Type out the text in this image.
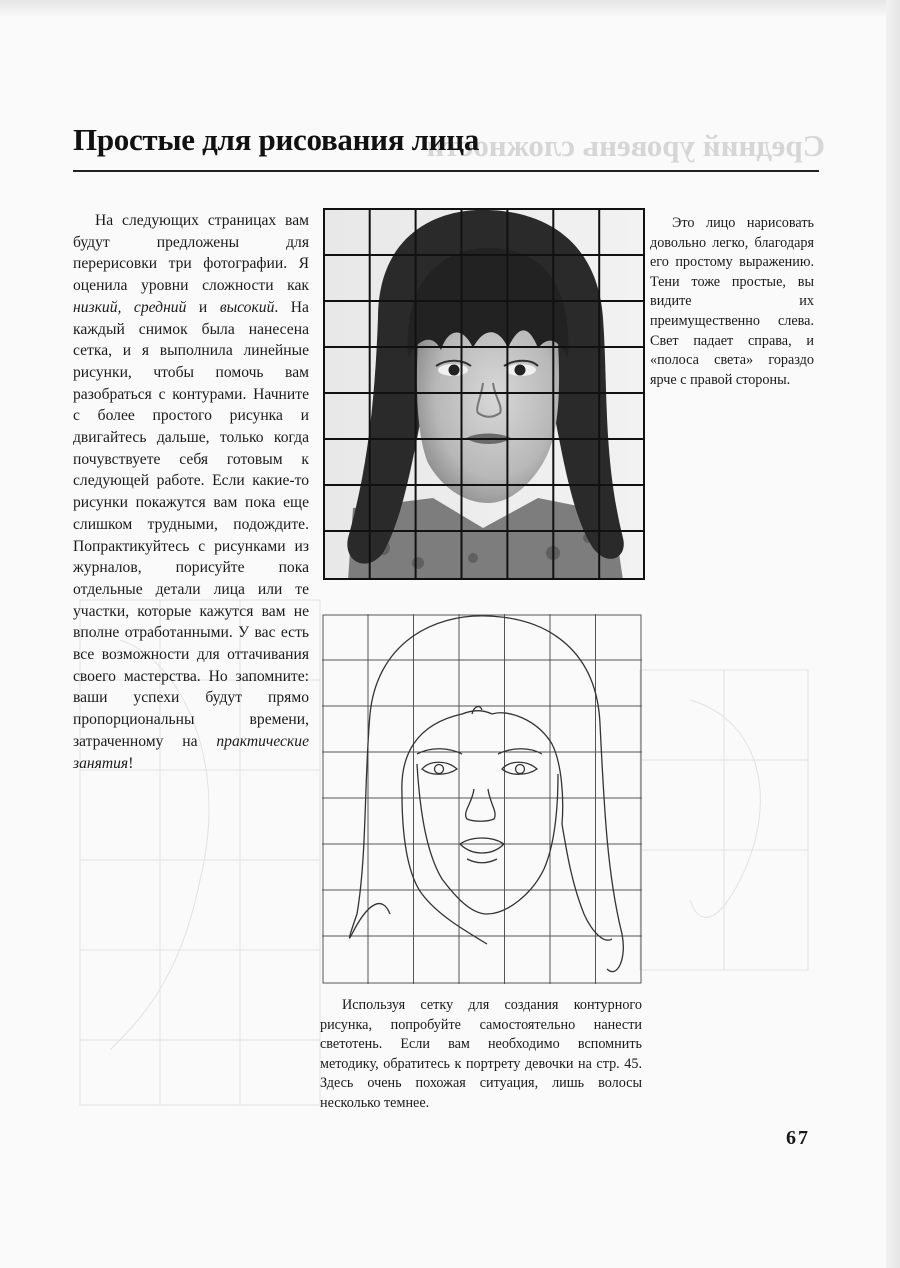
Средний уровень сложности
Простые для рисования лица

На следующих страницах вам будут предложены для перерисовки три фотографии. Я оценила уровни сложности как низкий, средний и высокий. На каждый снимок была нанесена сетка, и я выполнила линейные рисунки, чтобы помочь вам разобраться с контурами. Начните с более простого рисунка и двигайтесь дальше, только когда почувствуете себя готовым к следующей работе. Если какие-то рисунки покажутся вам пока еще слишком трудными, подождите. Попрактикуйтесь с рисунками из журналов, порисуйте пока отдельные детали лица или те участки, которые кажутся вам не вполне отработанными. У вас есть все возможности для оттачивания своего мастерства. Но запомните: ваши успехи будут прямо пропорциональны времени, затраченному на практические занятия!

Это лицо нарисовать довольно легко, благодаря его простому выражению. Тени тоже простые, вы видите их преимущественно слева. Свет падает справа, и «полоса света» гораздо ярче с правой стороны.

Используя сетку для создания контурного рисунка, попробуйте самостоятельно нанести светотень. Если вам необходимо вспомнить методику, обратитесь к портрету девочки на стр. 45. Здесь очень похожая ситуация, лишь волосы несколько темнее.

67
